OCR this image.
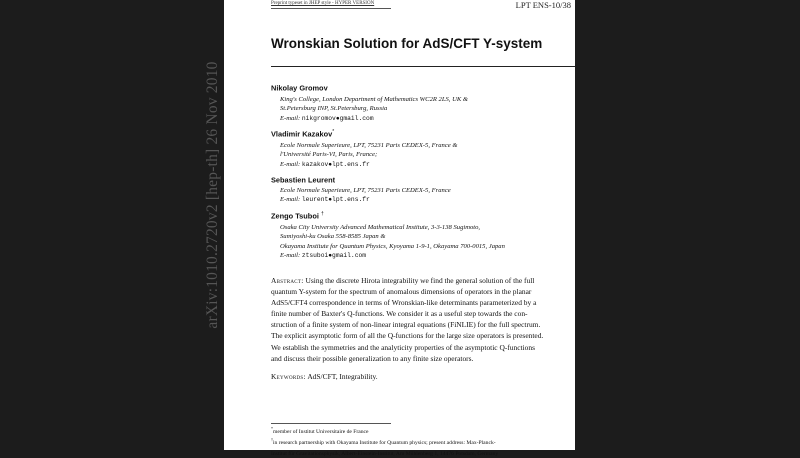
Preprint typeset in JHEP style - HYPER VERSION	LPT ENS-10/38
Wronskian Solution for AdS/CFT Y-system
Nikolay Gromov
King's College, London Department of Mathematics WC2R 2LS, UK &
St.Petersburg INP, St.Petersburg, Russia
E-mail: nikgromov●gmail.com
Vladimir Kazakov*
Ecole Normale Superieure, LPT, 75231 Paris CEDEX-5, France &
l'Université Paris-VI, Paris, France;
E-mail: kazakov●lpt.ens.fr
Sebastien Leurent
Ecole Normale Superieure, LPT, 75231 Paris CEDEX-5, France
E-mail: leurent●lpt.ens.fr
Zengo Tsuboi †
Osaka City University Advanced Mathematical Institute, 3-3-138 Sugimoto,
Sumiyoshi-ku Osaka 558-8585 Japan &
Okayama Institute for Quantum Physics, Kyoyama 1-9-1, Okayama 700-0015, Japan
E-mail: ztsuboi●gmail.com
Abstract: Using the discrete Hirota integrability we find the general solution of the full
quantum Y-system for the spectrum of anomalous dimensions of operators in the planar
AdS5/CFT4 correspondence in terms of Wronskian-like determinants parameterized by a
finite number of Baxter's Q-functions. We consider it as a useful step towards the con-
struction of a finite system of non-linear integral equations (FiNLIE) for the full spectrum.
The explicit asymptotic form of all the Q-functions for the large size operators is presented.
We establish the symmetries and the analyticity properties of the asymptotic Q-functions
and discuss their possible generalization to any finite size operators.
Keywords: AdS/CFT, Integrability.
*member of Institut Universitaire de France
†in research partnership with Okayama Institute for Quantum physics; present address: Max-Planck-
Institut für Gravitationsphysik, Albert-Einstein-Institut, Am Mühlenberg 1, 14476 Potsdam, Germany
arXiv:1010.2720v2 [hep-th] 26 Nov 2010
